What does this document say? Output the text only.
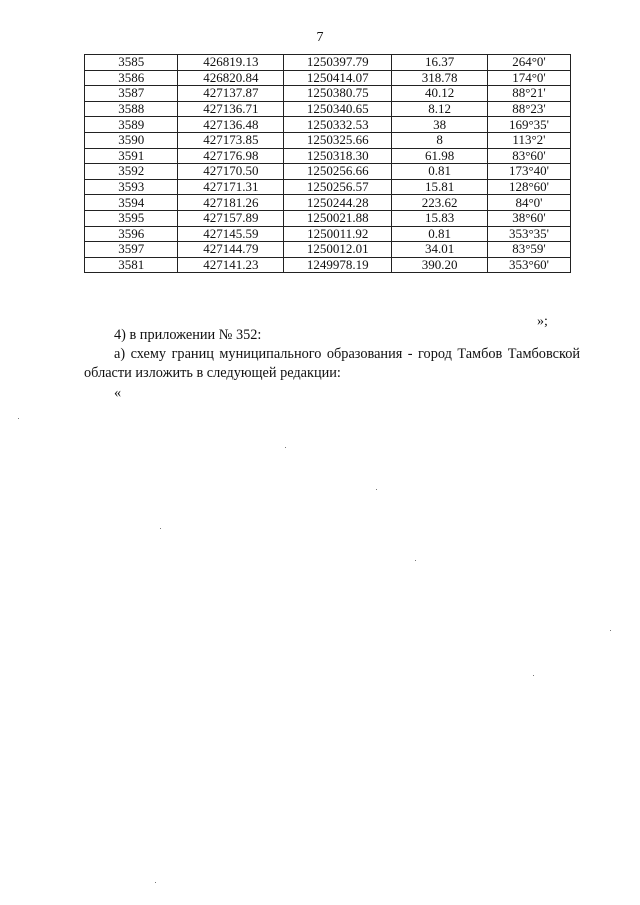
7
3585	426819.13	1250397.79	16.37	264°0'
3586	426820.84	1250414.07	318.78	174°0'
3587	427137.87	1250380.75	40.12	88°21'
3588	427136.71	1250340.65	8.12	88°23'
3589	427136.48	1250332.53	38	169°35'
3590	427173.85	1250325.66	8	113°2'
3591	427176.98	1250318.30	61.98	83°60'
3592	427170.50	1250256.66	0.81	173°40'
3593	427171.31	1250256.57	15.81	128°60'
3594	427181.26	1250244.28	223.62	84°0'
3595	427157.89	1250021.88	15.83	38°60'
3596	427145.59	1250011.92	0.81	353°35'
3597	427144.79	1250012.01	34.01	83°59'
3581	427141.23	1249978.19	390.20	353°60'
»;
4) в приложении № 352:
а) схему границ муниципального образования - город Тамбов Тамбовской области изложить в следующей редакции:
«
